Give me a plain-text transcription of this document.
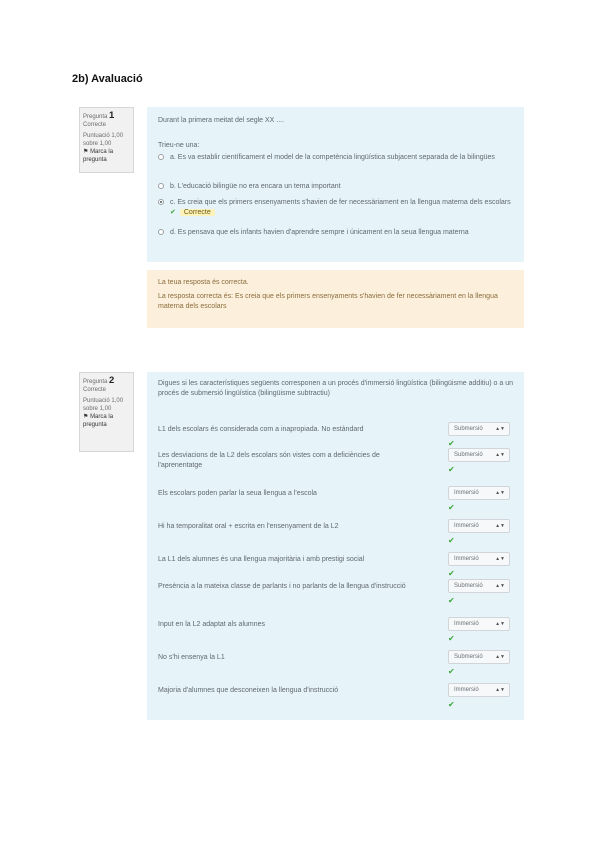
2b) Avaluació
Pregunta 1
Correcte
Puntuació 1,00 sobre 1,00
⚑ Marca la pregunta
Durant la primera meitat del segle XX ....
Trieu-ne una:
a. Es va establir científicament el model de la competència lingüística subjacent separada de la bilingües
b. L'educació bilingüe no era encara un tema important
c. Es creia que els primers ensenyaments s'havien de fer necessàriament en la llengua materna dels escolars ✔ Correcte
d. Es pensava que els infants havien d'aprendre sempre i únicament en la seua llengua materna

La teua resposta és correcta.

La resposta correcta és: Es creia que els primers ensenyaments s'havien de fer necessàriament en la llengua materna dels escolars

Pregunta 2
Correcte
Puntuació 1,00 sobre 1,00
⚑ Marca la pregunta
Digues si les característiques següents corresponen a un procés d'immersió lingüística (bilingüisme additiu) o a un procés de submersió lingüística (bilingüisme subtractiu)
L1 dels escolars és considerada com a inapropiada. No estàndard	Submersió ▲▼
✔
Les desviacions de la L2 dels escolars són vistes com a deficiències de l'aprenentatge
Submersió ▲▼
✔
Els escolars poden parlar la seua llengua a l'escola	Immersió	▲▼
✔
Hi ha temporalitat oral + escrita en l'ensenyament de la L2	Immersió	▲▼
✔
La L1 dels alumnes és una llengua majoritària i amb prestigi social	Immersió	▲▼
✔
Presència a la mateixa classe de parlants i no parlants de la llengua d'instrucció	Submersió ▲▼
✔
Input en la L2 adaptat als alumnes	Immersió	▲▼
✔
No s'hi ensenya la L1	Submersió ▲▼
✔
Majoria d'alumnes que desconeixen la llengua d'instrucció	Immersió	▲▼
✔
